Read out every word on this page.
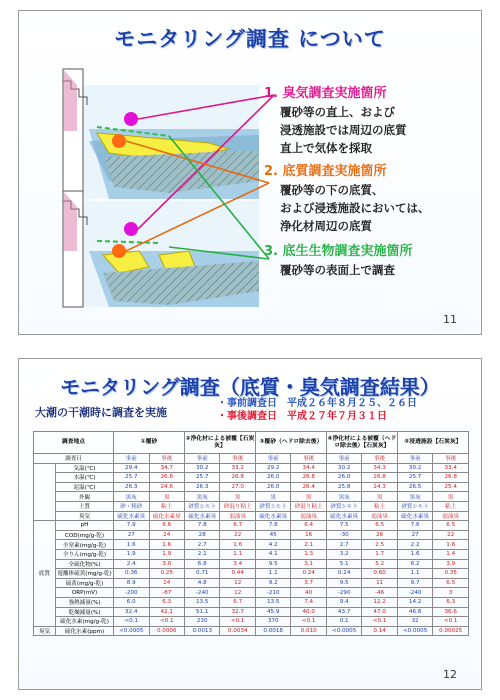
モニタリング調査 について
1. 臭気調査実施箇所
覆砂等の直上、および
浸透施設では周辺の底質
直上で気体を採取
2. 底質調査実施箇所
覆砂等の下の底質、
および浸透施設においては、
浄化材周辺の底質
3. 底生生物調査実施箇所
覆砂等の表面上で調査
11
モニタリング調査（底質・臭気調査結果）
大潮の干潮時に調査を実施
・事前調査日　平成２６年８月２５、２６日
・事後調査日　平成２７年７月３１日
調査地点		①覆砂		②浄化材による被覆【石炭灰】		③覆砂（ヘドロ除去後）		④浄化材による被覆（ヘドロ除去後）【石炭灰】		⑤浸透施設【石炭灰】	
調査日		事前	事後	事前	事後	事前	事後	事前	事後	事前	事後
	気温(℃)	29.4	34.7	30.2	33.2	29.2	34.4	30.2	34.3	30.2	33.4
	水温(℃)	25.7	26.8	25.7	26.8	26.0	26.8	26.0	26.8	25.7	26.8
	泥温(℃)	26.3	24.6	26.3	27.0	26.0	26.4	25.8	24.3	26.5	25.4
	外観	黒灰	黒	黒灰	黒	黒	黒	黒灰	黒	黒灰	黒
	土質	砂・粗砂	粘土	砂質シルト	砂混り粘土	砂質シルト	砂混り粘土	砂質シルト	粘土	砂質シルト	粘土
	臭気	硫化水素臭	硫化水素臭	硫化水素臭	弱油臭	硫化水素臭	弱油臭	硫化水素臭	弱油臭	硫化水素臭	弱油臭
底質	pH	7.9	6.6	7.8	6.7	7.8	6.4	7.5	6.5	7.6	6.5
	COD(mg/g-乾)	27	24	28	22	45	16	-30	26	27	22
	全窒素(mg/g-乾)	1.6	1.6	2.7	1.6	4.2	2.1	2.7	2.5	2.2	1.6
	全りん(mg/g-乾)	1.9	1.9	2.1	1.1	4.1	1.3	3.2	1.7	1.6	1.4
	全硫化物(%)	2.4	3.0	6.8	3.4	9.5	3.1	5.1	5.2	6.2	3.9
	遊離体硫黄(mg/g-乾)	0.36	0.25	0.71	0.44	1.1	0.24	0.24	0.60	1.1	0.35
	硫黄(mg/g-乾)	8.9	14	4.8	12	9.2	3.7	9.5	11	9.7	6.5
	ORP(mV)	-200	-87	-240	12	-210	40	-290	-46	-240	3
	強熱減量(%)	6.0	6.3	13.5	6.7	13.5	7.4	9.4	12.2	14.2	6.3
	乾燥減量(%)	32.4	42.1	51.1	32.7	45.9	40.0	43.7	47.0	46.8	36.6
	硫化水素(mg/g-乾)	<0.1	<0.1	230	<0.1	370	<0.1	0.1	<0.1	32	<0.1
臭気	硫化水素(ppm)	<0.0005	0.0006	0.0013	0.0034	0.0018	0.010	<0.0005	0.14	<0.0005	0.00025
12
